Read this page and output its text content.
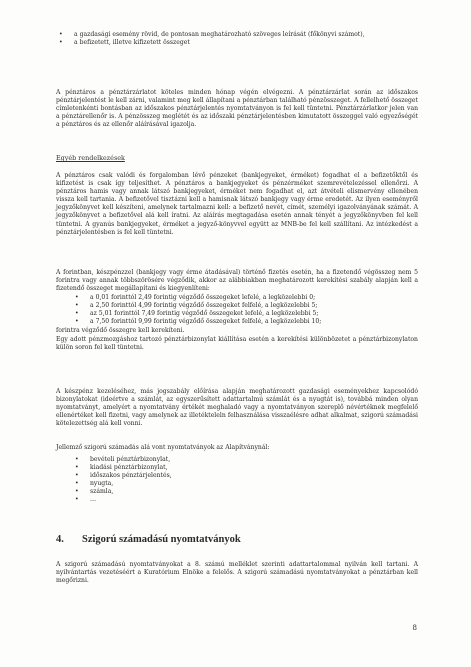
• a gazdasági esemény rövid, de pontosan meghatározható szöveges leírását (főkönyvi számot),
• a befizetett, illetve kifizetett összeget

A pénztáros a pénztárzárlatot köteles minden hónap végén elvégezni. A pénztárzárlat során az időszakos pénztárjelentést le kell zárni, valamint meg kell állapítani a pénztárban található pénzösszeget. A fellelhető összeget címletenkénti bontásban az időszakos pénztárjelentés nyomtatványon is fel kell tüntetni. Pénztárzárlatkor jelen van a pénztárellenőr is. A pénzösszeg meglétét és az időszaki pénztárjelentésben kimutatott összeggel való egyezőségét a pénztáros és az ellenőr aláírásával igazolja.

Egyéb rendelkezések

A pénztáros csak valódi és forgalomban lévő pénzeket (bankjegyeket, érméket) fogadhat el a befizetőktől és kifizetést is csak így teljesíthet. A pénztáros a bankjegyeket és pénzérméket szemrevételezéssel ellenőrzi. A pénztáros hamis vagy annak látszó bankjegyeket, érméket nem fogadhat el, azt átvételi elismervény ellenében vissza kell tartania. A befizetővel tisztázni kell a hamisnak látszó bankjegy vagy érme eredetét. Az ilyen eseményről jegyzőkönyvet kell készíteni, amelynek tartalmazni kell: a befizető nevét, címét, személyi igazolványának számát. A jegyzőkönyvet a befizetővel alá kell íratni. Az aláírás megtagadása esetén annak tényét a jegyzőkönyvben fel kell tüntetni. A gyanús bankjegyeket, érméket a jegyző-könyvvel együtt az MNB-be fel kell szállítani. Az intézkedést a pénztárjelentésben is fel kell tüntetni.

A forintban, készpénzzel (bankjegy vagy érme átadásával) történő fizetés esetén, ha a fizetendő végösszeg nem 5 forintra vagy annak többszörösére végződik, akkor az alábbiakban meghatározott kerekítési szabály alapján kell a fizetendő összeget megállapítani és kiegyenlíteni:

• a 0,01 forinttól 2,49 forintig végződő összegeket lefelé, a legközelebbi 0;
• a 2,50 forinttól 4,99 forintig végződő összegeket felfelé, a legközelebbi 5;
• az 5,01 forinttól 7,49 forintig végződő összegeket lefelé, a legközelebbi 5;
• a 7,50 forinttól 9,99 forintig végződő összegeket felfelé, a legközelebbi 10;

forintra végződő összegre kell kerekíteni.

Egy adott pénzmozgáshoz tartozó pénztárbizonylat kiállítása esetén a kerekítési különbözetet a pénztárbizonylaton külön soron fel kell tüntetni.

4. Szigorú számadású nyomtatványok

A készpénz kezeléséhez, más jogszabály előírása alapján meghatározott gazdasági eseményekhez kapcsolódó bizonylatokat (ideértve a számlát, az egyszerűsített adattartalmú számlát és a nyugtát is), továbbá minden olyan nyomtatványt, amelyért a nyomtatvány értékét meghaladó vagy a nyomtatványon szereplő névértéknek megfelelő ellenértéket kell fizetni, vagy amelynek az illetékteleln felhasználása visszaélésre adhat alkalmat, szigorú számadási kötelezettség alá kell vonni.

Jellemző szigorú számadás alá vont nyomtatványok az Alapítványnál:

• bevételi pénztárbizonylat,
• kiadási pénztárbizonylat,
• időszakos pénztárjelentés,
• nyugta,
• számla,
• …

A szigorú számadású nyomtatványokat a 8. számú melléklet szerinti adattartalommal nyilván kell tartani. A nyilvántartás vezetéséért a Kuratórium Elnöke a felelős. A szigorú számadású nyomtatványokat a pénztárban kell megőrizni.

8
